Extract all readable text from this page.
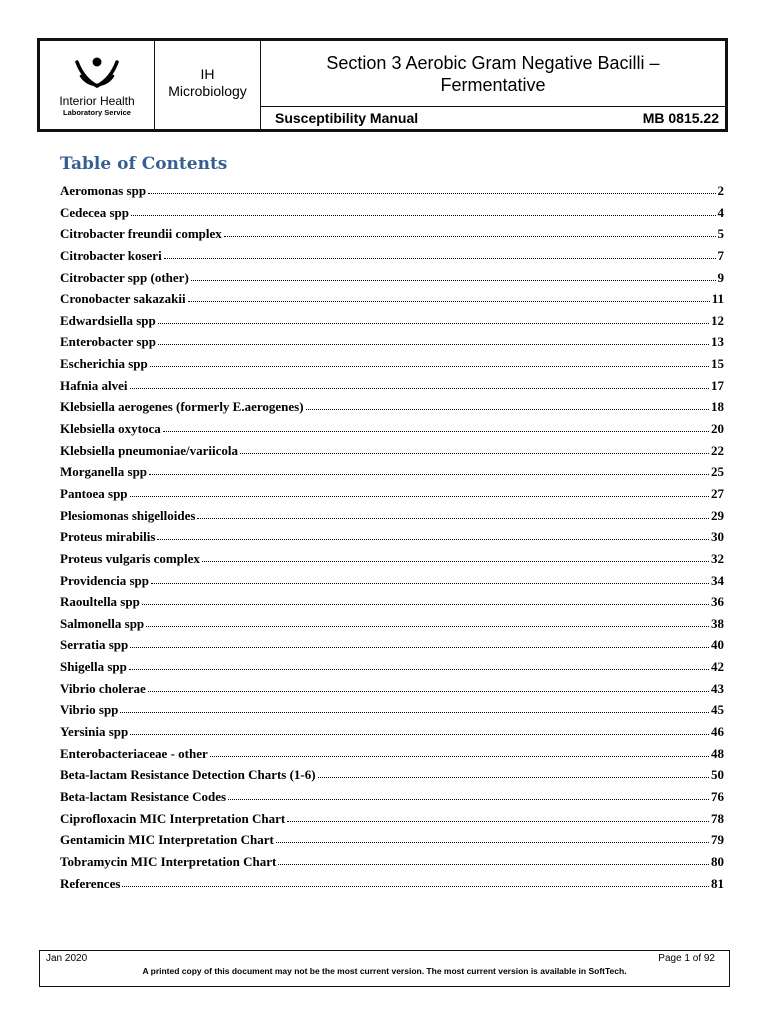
Interior Health
Laboratory Service
IH
Microbiology
Section 3 Aerobic Gram Negative Bacilli – Fermentative
Susceptibility Manual	MB 0815.22
Table of Contents
Aeromonas spp	2
Cedecea spp	4
Citrobacter freundii complex	5
Citrobacter koseri	7
Citrobacter spp (other)	9
Cronobacter sakazakii	11
Edwardsiella spp	12
Enterobacter spp	13
Escherichia spp	15
Hafnia alvei	17
Klebsiella aerogenes (formerly E.aerogenes)	18
Klebsiella oxytoca	20
Klebsiella pneumoniae/variicola	22
Morganella spp	25
Pantoea spp	27
Plesiomonas shigelloides	29
Proteus mirabilis	30
Proteus vulgaris complex	32
Providencia spp	34
Raoultella spp	36
Salmonella spp	38
Serratia spp	40
Shigella spp	42
Vibrio cholerae	43
Vibrio spp	45
Yersinia spp	46
Enterobacteriaceae - other	48
Beta-lactam Resistance Detection Charts (1-6)	50
Beta-lactam Resistance Codes	76
Ciprofloxacin MIC Interpretation Chart	78
Gentamicin MIC Interpretation Chart	79
Tobramycin MIC Interpretation Chart	80
References	81
Jan 2020	Page 1 of 92
A printed copy of this document may not be the most current version. The most current version is available in SoftTech.
